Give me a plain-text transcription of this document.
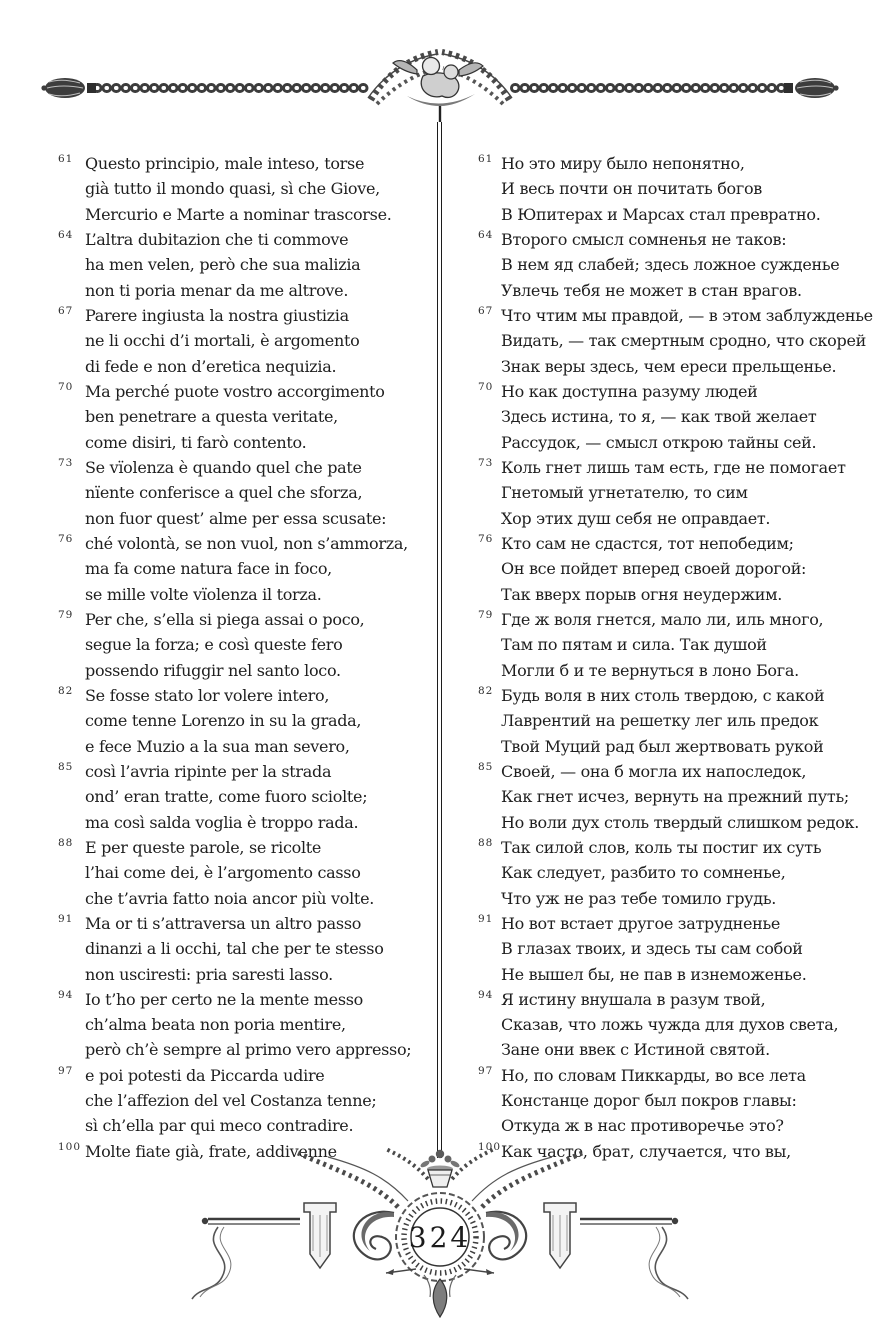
61 Questo principio, male inteso, torse
già tutto il mondo quasi, sì che Giove,
Mercurio e Marte a nominar trascorse.
64 L’altra dubitazion che ti commove
ha men velen, però che sua malizia
non ti poria menar da me altrove.
67 Parere ingiusta la nostra giustizia
ne li occhi d’i mortali, è argomento
di fede e non d’eretica nequizia.
70 Ma perché puote vostro accorgimento
ben penetrare a questa veritate,
come disiri, ti farò contento.
73 Se vïolenza è quando quel che pate
nïente conferisce a quel che sforza,
non fuor quest’ alme per essa scusate:
76 ché volontà, se non vuol, non s’ammorza,
ma fa come natura face in foco,
se mille volte vïolenza il torza.
79 Per che, s’ella si piega assai o poco,
segue la forza; e così queste fero
possendo rifuggir nel santo loco.
82 Se fosse stato lor volere intero,
come tenne Lorenzo in su la grada,
e fece Muzio a la sua man severo,
85 così l’avria ripinte per la strada
ond’ eran tratte, come fuoro sciolte;
ma così salda voglia è troppo rada.
88 E per queste parole, se ricolte
l’hai come dei, è l’argomento casso
che t’avria fatto noia ancor più volte.
91 Ma or ti s’attraversa un altro passo
dinanzi a li occhi, tal che per te stesso
non usciresti: pria saresti lasso.
94 Io t’ho per certo ne la mente messo
ch’alma beata non poria mentire,
però ch’è sempre al primo vero appresso;
97 e poi potesti da Piccarda udire
che l’affezion del vel Costanza tenne;
sì ch’ella par qui meco contradire.
100 Molte fiate già, frate, addivenne
61 Но это миру было непонятно,
И весь почти он почитать богов
В Юпитерах и Марсах стал превратно.
64 Второго смысл сомненья не таков:
В нем яд слабей; здесь ложное сужденье
Увлечь тебя не может в стан врагов.
67 Что чтим мы правдой, — в этом заблужденье
Видать, — так смертным сродно, что скорей
Знак веры здесь, чем ереси прельщенье.
70 Но как доступна разуму людей
Здесь истина, то я, — как твой желает
Рассудок, — смысл открою тайны сей.
73 Коль гнет лишь там есть, где не помогает
Гнетомый угнетателю, то сим
Хор этих душ себя не оправдает.
76 Кто сам не сдастся, тот непобедим;
Он все пойдет вперед своей дорогой:
Так вверх порыв огня неудержим.
79 Где ж воля гнется, мало ли, иль много,
Там по пятам и сила. Так душой
Могли б и те вернуться в лоно Бога.
82 Будь воля в них столь твердою, с какой
Лаврентий на решетку лег иль предок
Твой Муций рад был жертвовать рукой
85 Своей, — она б могла их напоследок,
Как гнет исчез, вернуть на прежний путь;
Но воли дух столь твердый слишком редок.
88 Так силой слов, коль ты постиг их суть
Как следует, разбито то сомненье,
Что уж не раз тебе томило грудь.
91 Но вот встает другое затрудненье
В глазах твоих, и здесь ты сам собой
Не вышел бы, не пав в изнеможенье.
94 Я истину внушала в разум твой,
Сказав, что ложь чужда для духов света,
Зане они ввек с Истиной святой.
97 Но, по словам Пиккарды, во все лета
Констанце дорог был покров главы:
Откуда ж в нас противоречье это?
100 Как часто, брат, случается, что вы,
324
